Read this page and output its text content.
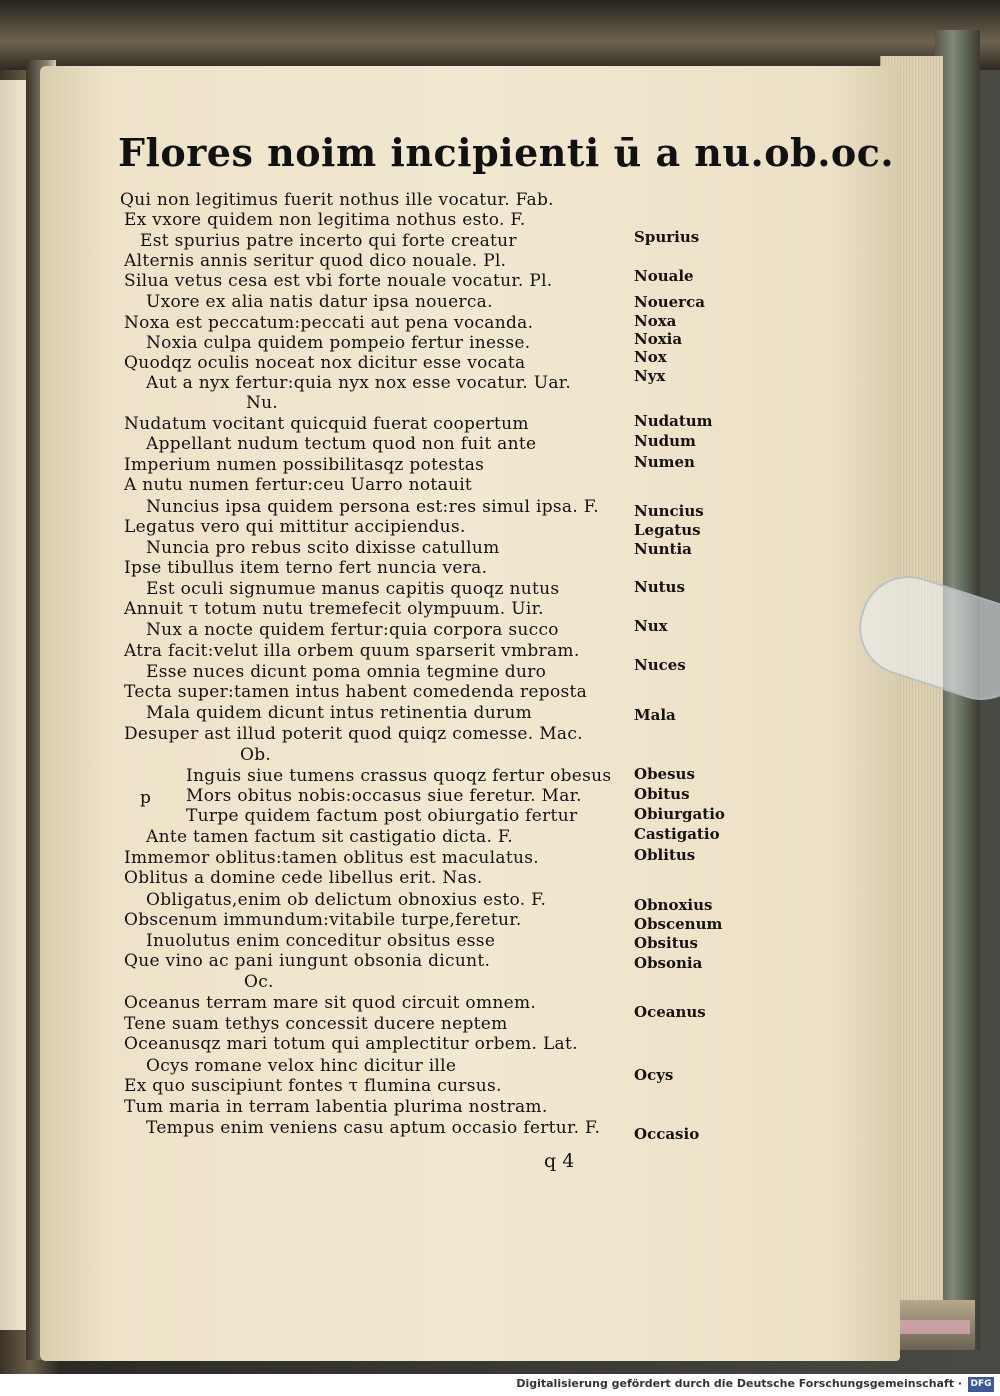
Flores noim incipienti ū a nu.ob.oc.
Qui non legitimus fuerit nothus ille vocatur. Fab.
Ex vxore quidem non legitima nothus esto. F.
Est spurius patre incerto qui forte creatur
Alternis annis seritur quod dico nouale. Pl.
Silua vetus cesa est vbi forte nouale vocatur. Pl.
Uxore ex alia natis datur ipsa nouerca.
Noxa est peccatum:peccati aut pena vocanda.
Noxia culpa quidem pompeio fertur inesse.
Quodqz oculis noceat nox dicitur esse vocata
Aut a nyx fertur:quia nyx nox esse vocatur. Uar.
Nu.
Nudatum vocitant quicquid fuerat coopertum
Appellant nudum tectum quod non fuit ante
Imperium numen possibilitasqz potestas
A nutu numen fertur:ceu Uarro notauit
Nuncius ipsa quidem persona est:res simul ipsa. F.
Legatus vero qui mittitur accipiendus.
Nuncia pro rebus scito dixisse catullum
Ipse tibullus item terno fert nuncia vera.
Est oculi signumue manus capitis quoqz nutus
Annuit τ totum nutu tremefecit olympuum. Uir.
Nux a nocte quidem fertur:quia corpora succo
Atra facit:velut illa orbem quum sparserit vmbram.
Esse nuces dicunt poma omnia tegmine duro
Tecta super:tamen intus habent comedenda reposta
Mala quidem dicunt intus retinentia durum
Desuper ast illud poterit quod quiqz comesse. Mac.
Ob.
Inguis siue tumens crassus quoqz fertur obesus
Mors obitus nobis:occasus siue feretur. Mar.
Turpe quidem factum post obiurgatio fertur
Ante tamen factum sit castigatio dicta. F.
Immemor oblitus:tamen oblitus est maculatus.
Oblitus a domine cede libellus erit. Nas.
Obligatus,enim ob delictum obnoxius esto. F.
Obscenum immundum:vitabile turpe,feretur.
Inuolutus enim conceditur obsitus esse
Que vino ac pani iungunt obsonia dicunt.
Oc.
Oceanus terram mare sit quod circuit omnem.
Tene suam tethys concessit ducere neptem
Oceanusqz mari totum qui amplectitur orbem. Lat.
Ocys romane velox hinc dicitur ille
Ex quo suscipiunt fontes τ flumina cursus.
Tum maria in terram labentia plurima nostram.
Tempus enim veniens casu aptum occasio fertur. F.
Spurius
Nouale
Nouerca
Noxa
Noxia
Nox
Nyx
Nudatum
Nudum
Numen
Nuncius
Legatus
Nuntia
Nutus
Nux
Nuces
Mala
Obesus
Obitus
Obiurgatio
Castigatio
Oblitus
Obnoxius
Obscenum
Obsitus
Obsonia
Oceanus
Ocys
Occasio
p
q 4
Digitalisierung gefördert durch die Deutsche Forschungsgemeinschaft · DFG
